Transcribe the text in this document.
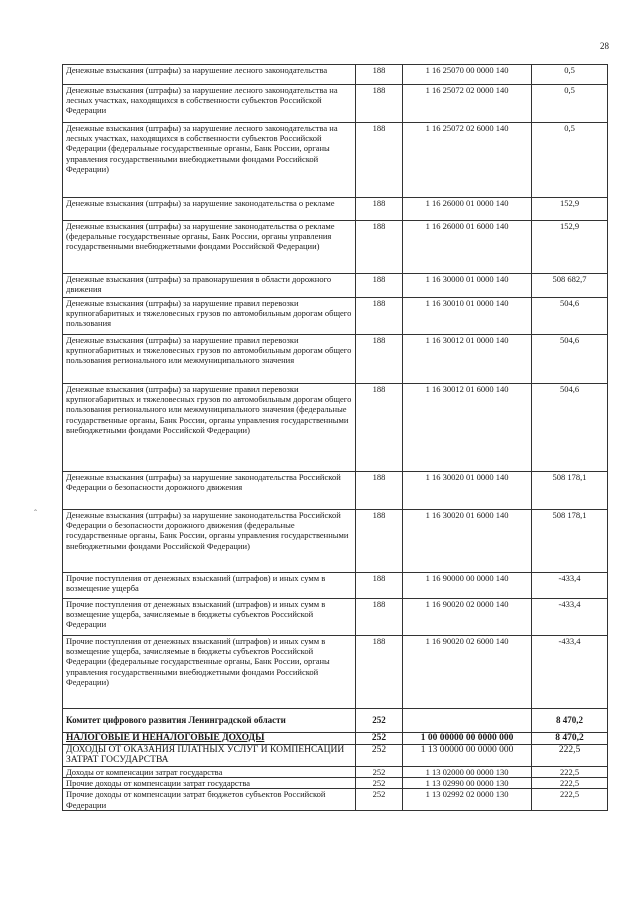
28
ˆ
Денежные взыскания (штрафы) за нарушение лесного законодательства	188	1 16 25070 00 0000 140	0,5
Денежные взыскания (штрафы) за нарушение лесного законодательства на лесных участках, находящихся в собственности субъектов Российской Федерации	188	1 16 25072 02 0000 140	0,5
Денежные взыскания (штрафы) за нарушение лесного законодательства на лесных участках, находящихся в собственности субъектов Российской Федерации (федеральные государственные органы, Банк России, органы управления государственными внебюджетными фондами Российской Федерации)	188	1 16 25072 02 6000 140	0,5
Денежные взыскания (штрафы) за нарушение законодательства о рекламе	188	1 16 26000 01 0000 140	152,9
Денежные взыскания (штрафы) за нарушение законодательства о рекламе (федеральные государственные органы, Банк России, органы управления государственными внебюджетными фондами Российской Федерации)	188	1 16 26000 01 6000 140	152,9
Денежные взыскания (штрафы) за правонарушения в области дорожного движения	188	1 16 30000 01 0000 140	508 682,7
Денежные взыскания (штрафы) за нарушение правил перевозки крупногабаритных и тяжеловесных грузов по автомобильным дорогам общего пользования	188	1 16 30010 01 0000 140	504,6
Денежные взыскания (штрафы) за нарушение правил перевозки крупногабаритных и тяжеловесных грузов по автомобильным дорогам общего пользования регионального или межмуниципального значения	188	1 16 30012 01 0000 140	504,6
Денежные взыскания (штрафы) за нарушение правил перевозки крупногабаритных и тяжеловесных грузов по автомобильным дорогам общего пользования регионального или межмуниципального значения (федеральные государственные органы, Банк России, органы управления государственными внебюджетными фондами Российской Федерации)	188	1 16 30012 01 6000 140	504,6
Денежные взыскания (штрафы) за нарушение законодательства Российской Федерации о безопасности дорожного движения	188	1 16 30020 01 0000 140	508 178,1
Денежные взыскания (штрафы) за нарушение законодательства Российской Федерации о безопасности дорожного движения (федеральные государственные органы, Банк России, органы управления государственными внебюджетными фондами Российской Федерации)	188	1 16 30020 01 6000 140	508 178,1
Прочие поступления от денежных взысканий (штрафов) и иных сумм в возмещение ущерба	188	1 16 90000 00 0000 140	-433,4
Прочие поступления от денежных взысканий (штрафов) и иных сумм в возмещение ущерба, зачисляемые в бюджеты субъектов Российской Федерации	188	1 16 90020 02 0000 140	-433,4
Прочие поступления от денежных взысканий (штрафов) и иных сумм в возмещение ущерба, зачисляемые в бюджеты субъектов Российской Федерации (федеральные государственные органы, Банк России, органы управления государственными внебюджетными фондами Российской Федерации)	188	1 16 90020 02 6000 140	-433,4
Комитет цифрового развития Ленинградской области	252		8 470,2
НАЛОГОВЫЕ И НЕНАЛОГОВЫЕ ДОХОДЫ	252	1 00 00000 00 0000 000	8 470,2
ДОХОДЫ ОТ ОКАЗАНИЯ ПЛАТНЫХ УСЛУГ И КОМПЕНСАЦИИ ЗАТРАТ ГОСУДАРСТВА	252	1 13 00000 00 0000 000	222,5
Доходы от компенсации затрат государства	252	1 13 02000 00 0000 130	222,5
Прочие доходы от компенсации затрат государства	252	1 13 02990 00 0000 130	222,5
Прочие доходы от компенсации затрат бюджетов субъектов Российской Федерации	252	1 13 02992 02 0000 130	222,5
